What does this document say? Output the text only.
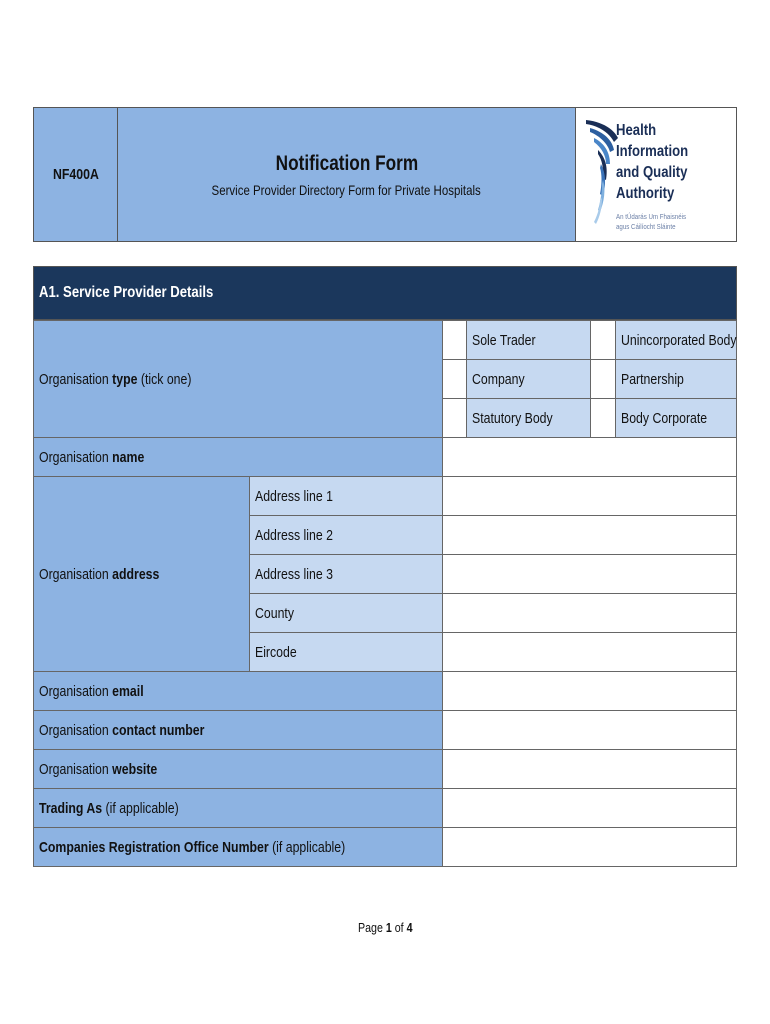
NF400A	Notification Form
Service Provider Directory Form for Private Hospitals
Health
Information
and Quality
Authority
An tÚdarás Um Fhaisnéis
agus Cáilíocht Sláinte
A1. Service Provider Details
Organisation type (tick one)
Sole Trader	Unincorporated Body
Company	Partnership
Statutory Body	Body Corporate
Organisation name
Organisation address
Address line 1
Address line 2
Address line 3
County
Eircode
Organisation email
Organisation contact number
Organisation website
Trading As (if applicable)
Companies Registration Office Number (if applicable)
Page 1 of 4
